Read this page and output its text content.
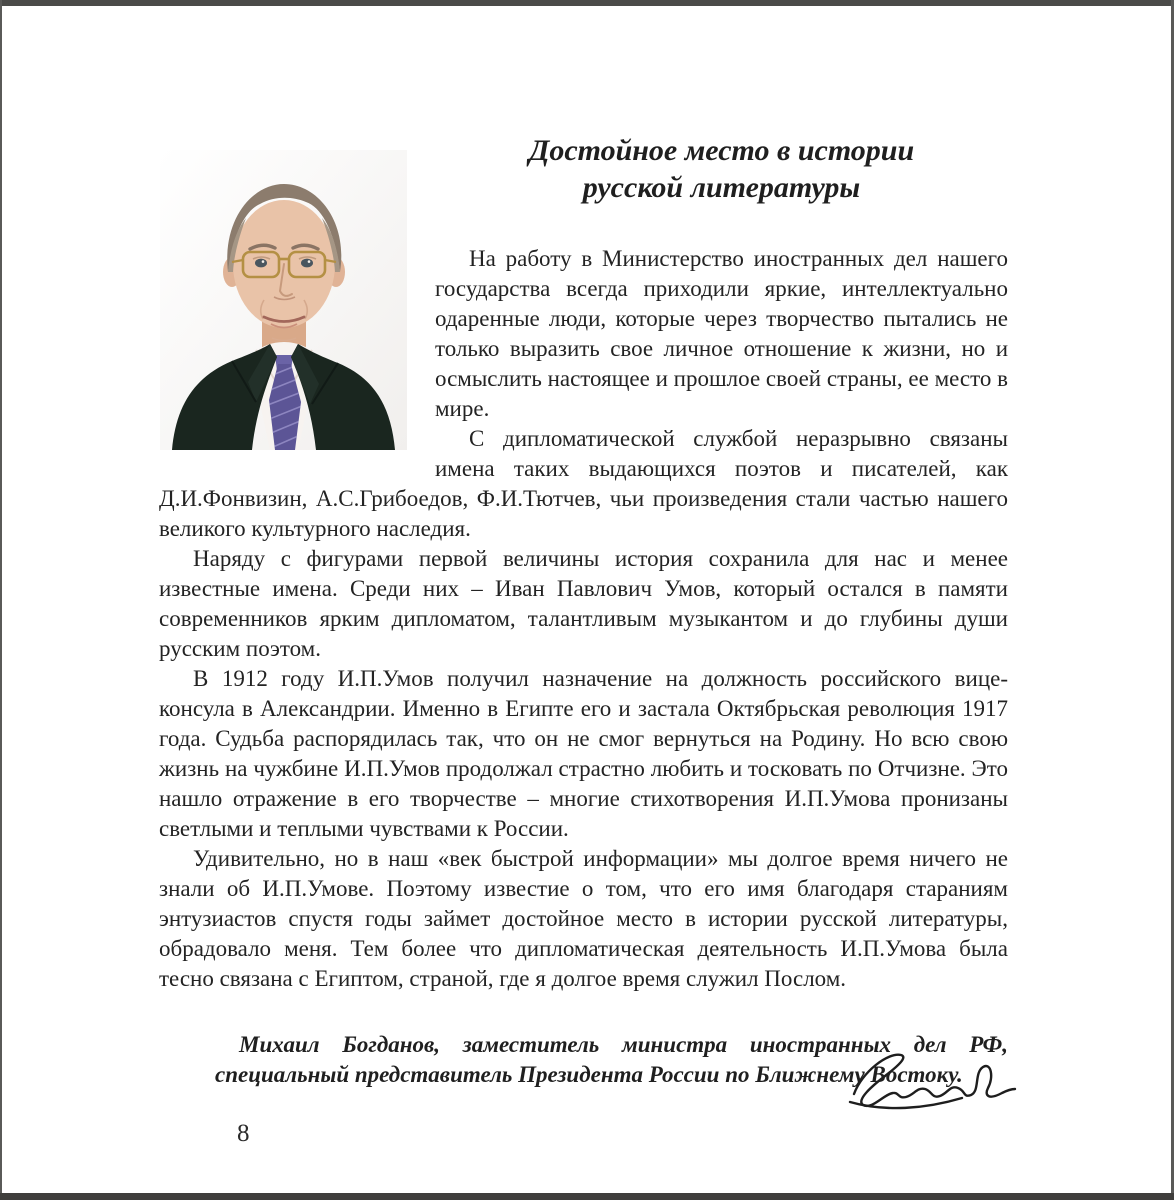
Достойное место в истории
русской литературы

На работу в Министерство иностранных дел нашего государства всегда приходили яркие, интеллектуально одаренные люди, которые через творчество пытались не только выразить свое личное отношение к жизни, но и осмыслить настоящее и прошлое своей страны, ее место в мире.

С дипломатической службой неразрывно связаны имена таких выдающихся поэтов и писателей, как Д.И.Фонвизин, А.С.Грибоедов, Ф.И.Тютчев, чьи произведения стали частью нашего великого культурного наследия.

Наряду с фигурами первой величины история сохранила для нас и менее известные имена. Среди них – Иван Павлович Умов, который остался в памяти современников ярким дипломатом, талантливым музыкантом и до глубины души русским поэтом.

В 1912 году И.П.Умов получил назначение на должность российского вице-консула в Александрии. Именно в Египте его и застала Октябрьская революция 1917 года. Судьба распорядилась так, что он не смог вернуться на Родину. Но всю свою жизнь на чужбине И.П.Умов продолжал страстно любить и тосковать по Отчизне. Это нашло отражение в его творчестве – многие стихотворения И.П.Умова пронизаны светлыми и теплыми чувствами к России.

Удивительно, но в наш «век быстрой информации» мы долгое время ничего не знали об И.П.Умове. Поэтому известие о том, что его имя благодаря стараниям энтузиастов спустя годы займет достойное место в истории русской литературы, обрадовало меня. Тем более что дипломатическая деятельность И.П.Умова была тесно связана с Египтом, страной, где я долгое время служил Послом.

Михаил Богданов, заместитель министра иностранных дел РФ, специальный представитель Президента России по Ближнему Востоку.

8
